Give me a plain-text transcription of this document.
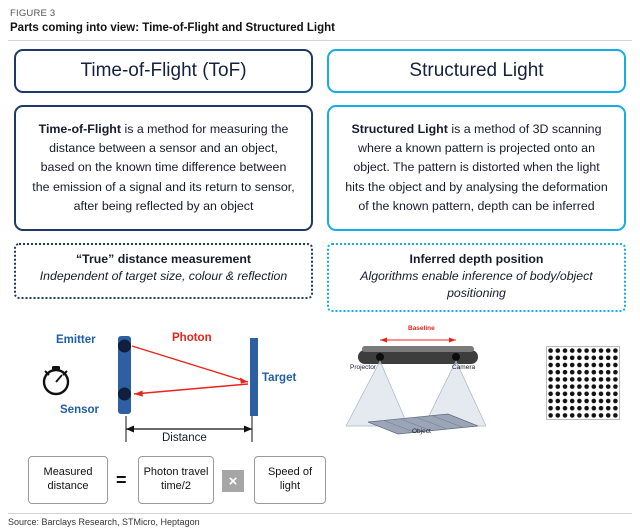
FIGURE 3
Parts coming into view: Time-of-Flight and Structured Light
Time-of-Flight (ToF)
Time-of-Flight is a method for measuring the distance between a sensor and an object, based on the known time difference between the emission of a signal and its return to sensor, after being reflected by an object
“True” distance measurement
Independent of target size, colour & reflection
Structured Light
Structured Light is a method of 3D scanning where a known pattern is projected onto an object. The pattern is distorted when the light hits the object and by analysing the deformation of the known pattern, depth can be inferred
Inferred depth position
Algorithms enable inference of body/object positioning
Emitter
Sensor
Photon
Target
Distance
Measured distance	=	Photon travel time/2	×
Speed of light
Baseline
Projector	Camera
Object
Source: Barclays Research, STMicro, Heptagon
